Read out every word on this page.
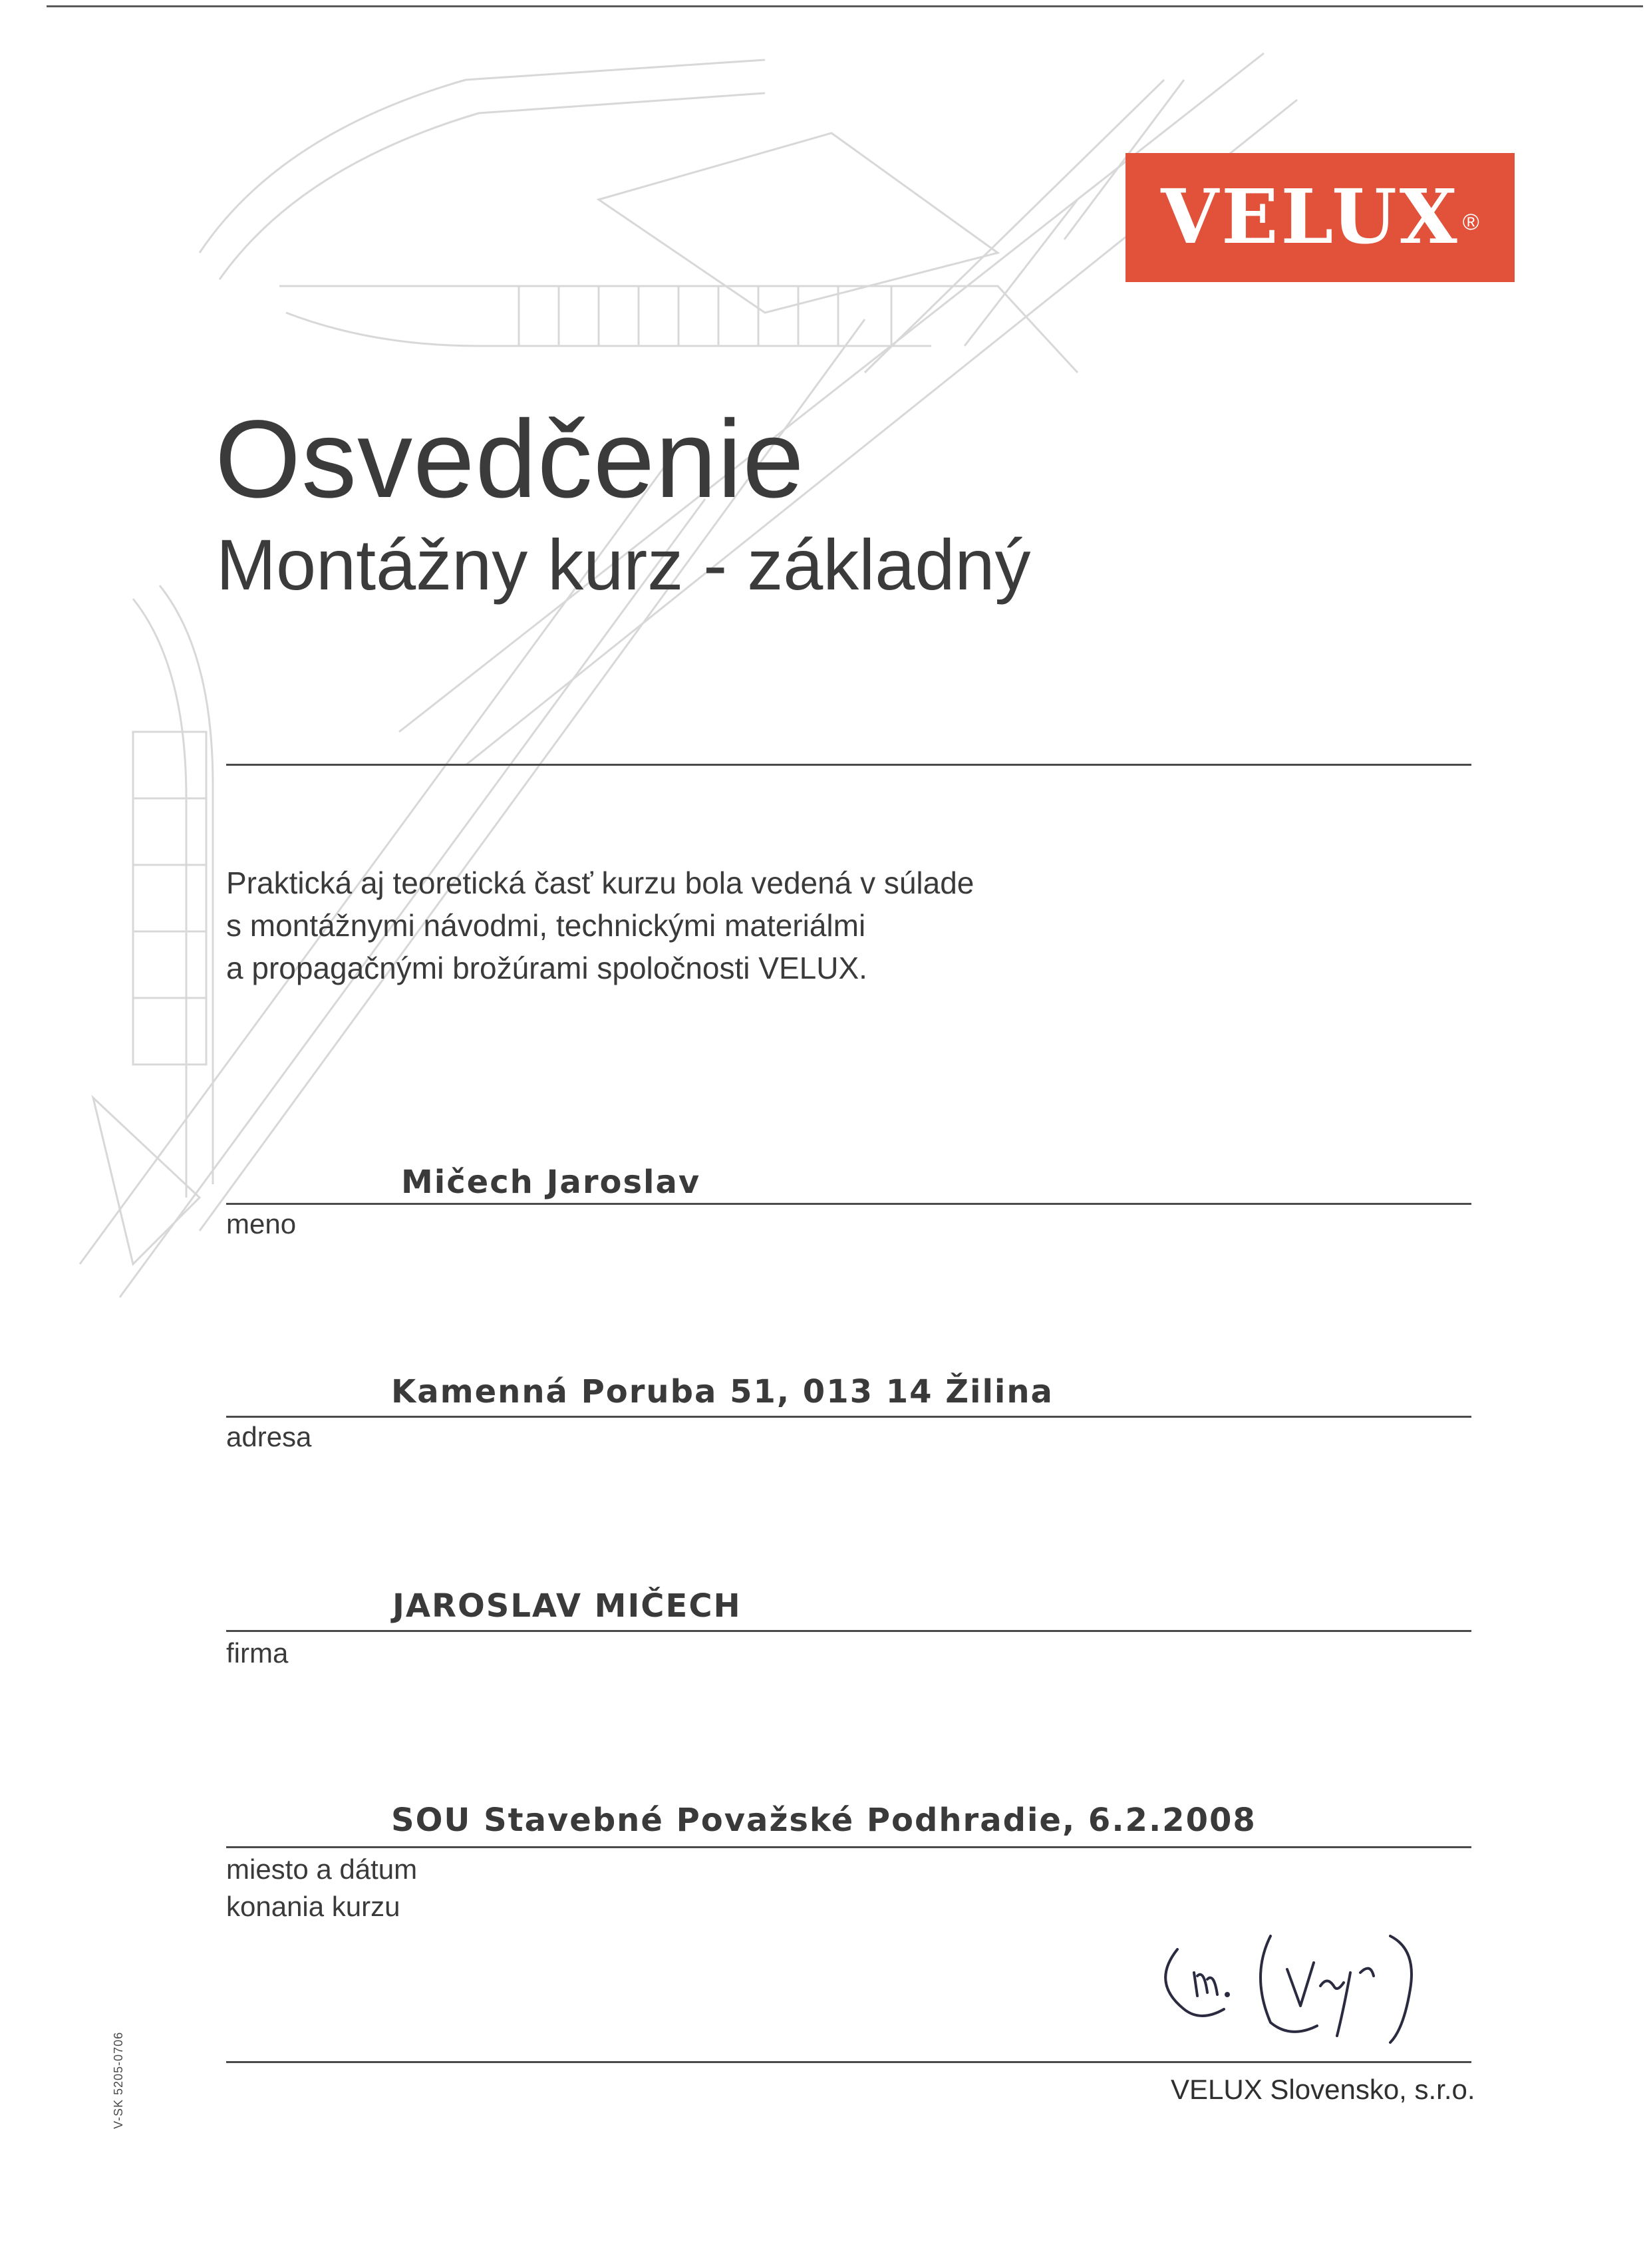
VELUX ®
Osvedčenie
Montážny kurz - základný
Praktická aj teoretická časť kurzu bola vedená v súlade
s montážnymi návodmi, technickými materiálmi
a propagačnými brožúrami spoločnosti VELUX.
Mičech Jaroslav
meno
Kamenná Poruba 51, 013 14 Žilina
adresa
JAROSLAV MIČECH
firma
SOU Stavebné Považské Podhradie, 6.2.2008
miesto a dátum
konania kurzu
VELUX Slovensko, s.r.o.
V-SK 5205-0706
